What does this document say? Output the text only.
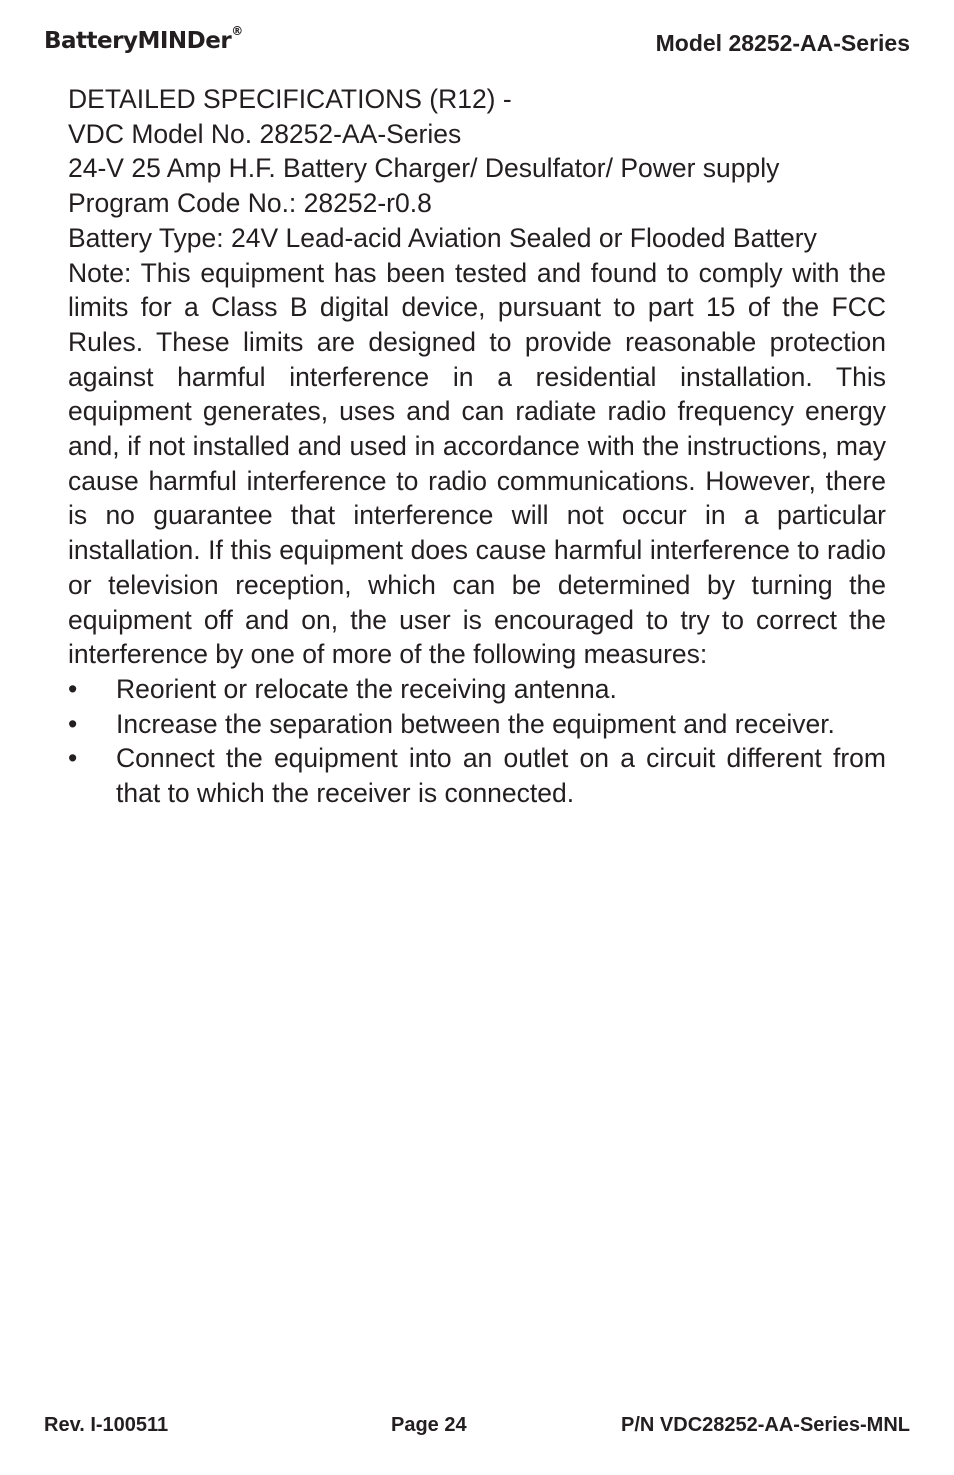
BatteryMINDer®	Model 28252-AA-Series

DETAILED SPECIFICATIONS (R12) -

VDC Model No. 28252-AA-Series

24-V 25 Amp H.F. Battery Charger/ Desulfator/ Power supply

Program Code No.: 28252-r0.8

Battery Type: 24V Lead-acid Aviation Sealed or Flooded Battery

Note: This equipment has been tested and found to comply with the limits for a Class B digital device, pursuant to part 15 of the FCC Rules. These limits are designed to provide reasonable protection against harmful interference in a residential installation. This equipment generates, uses and can radiate radio frequency energy and, if not installed and used in accordance with the instructions, may cause harmful interference to radio communications. However, there is no guarantee that interference will not occur in a particular installation. If this equipment does cause harmful interference to radio or television reception, which can be determined by turning the equipment off and on, the user is encouraged to try to correct the interference by one of more of the following measures:

•	Reorient or relocate the receiving antenna.

• Increase the separation between the equipment and receiver.

•	Connect the equipment into an outlet on a circuit different from that to which the receiver is connected.
Rev. I-100511	Page 24	P/N VDC28252-AA-Series-MNL
